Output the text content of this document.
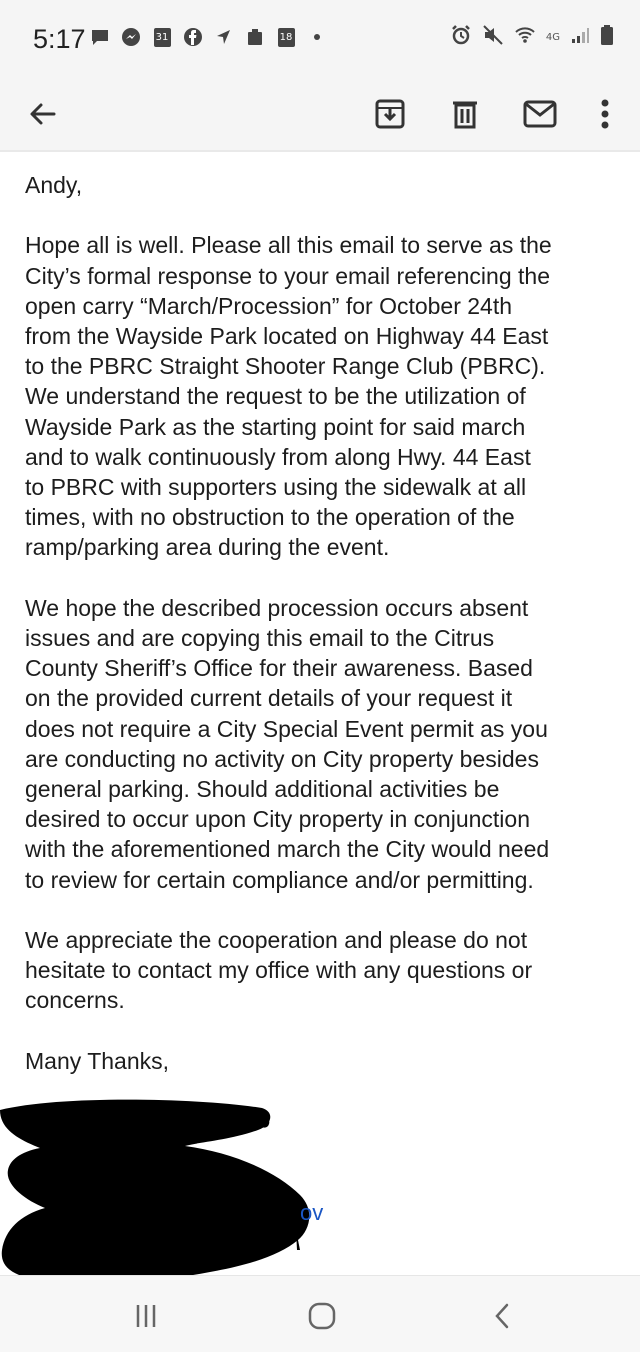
5:17	31	18	4G

Andy,

Hope all is well. Please all this email to serve as the
City’s formal response to your email referencing the
open carry “March/Procession” for October 24th
from the Wayside Park located on Highway 44 East
to the PBRC Straight Shooter Range Club (PBRC).
We understand the request to be the utilization of
Wayside Park as the starting point for said march
and to walk continuously from along Hwy. 44 East
to PBRC with supporters using the sidewalk at all
times, with no obstruction to the operation of the
ramp/parking area during the event.

We hope the described procession occurs absent
issues and are copying this email to the Citrus
County Sheriff’s Office for their awareness. Based
on the provided current details of your request it
does not require a City Special Event permit as you
are conducting no activity on City property besides
general parking. Should additional activities be
desired to occur upon City property in conjunction
with the aforementioned march the City would need
to review for certain compliance and/or permitting.

We appreciate the cooperation and please do not
hesitate to contact my office with any questions or
concerns.

Many Thanks,

ov
